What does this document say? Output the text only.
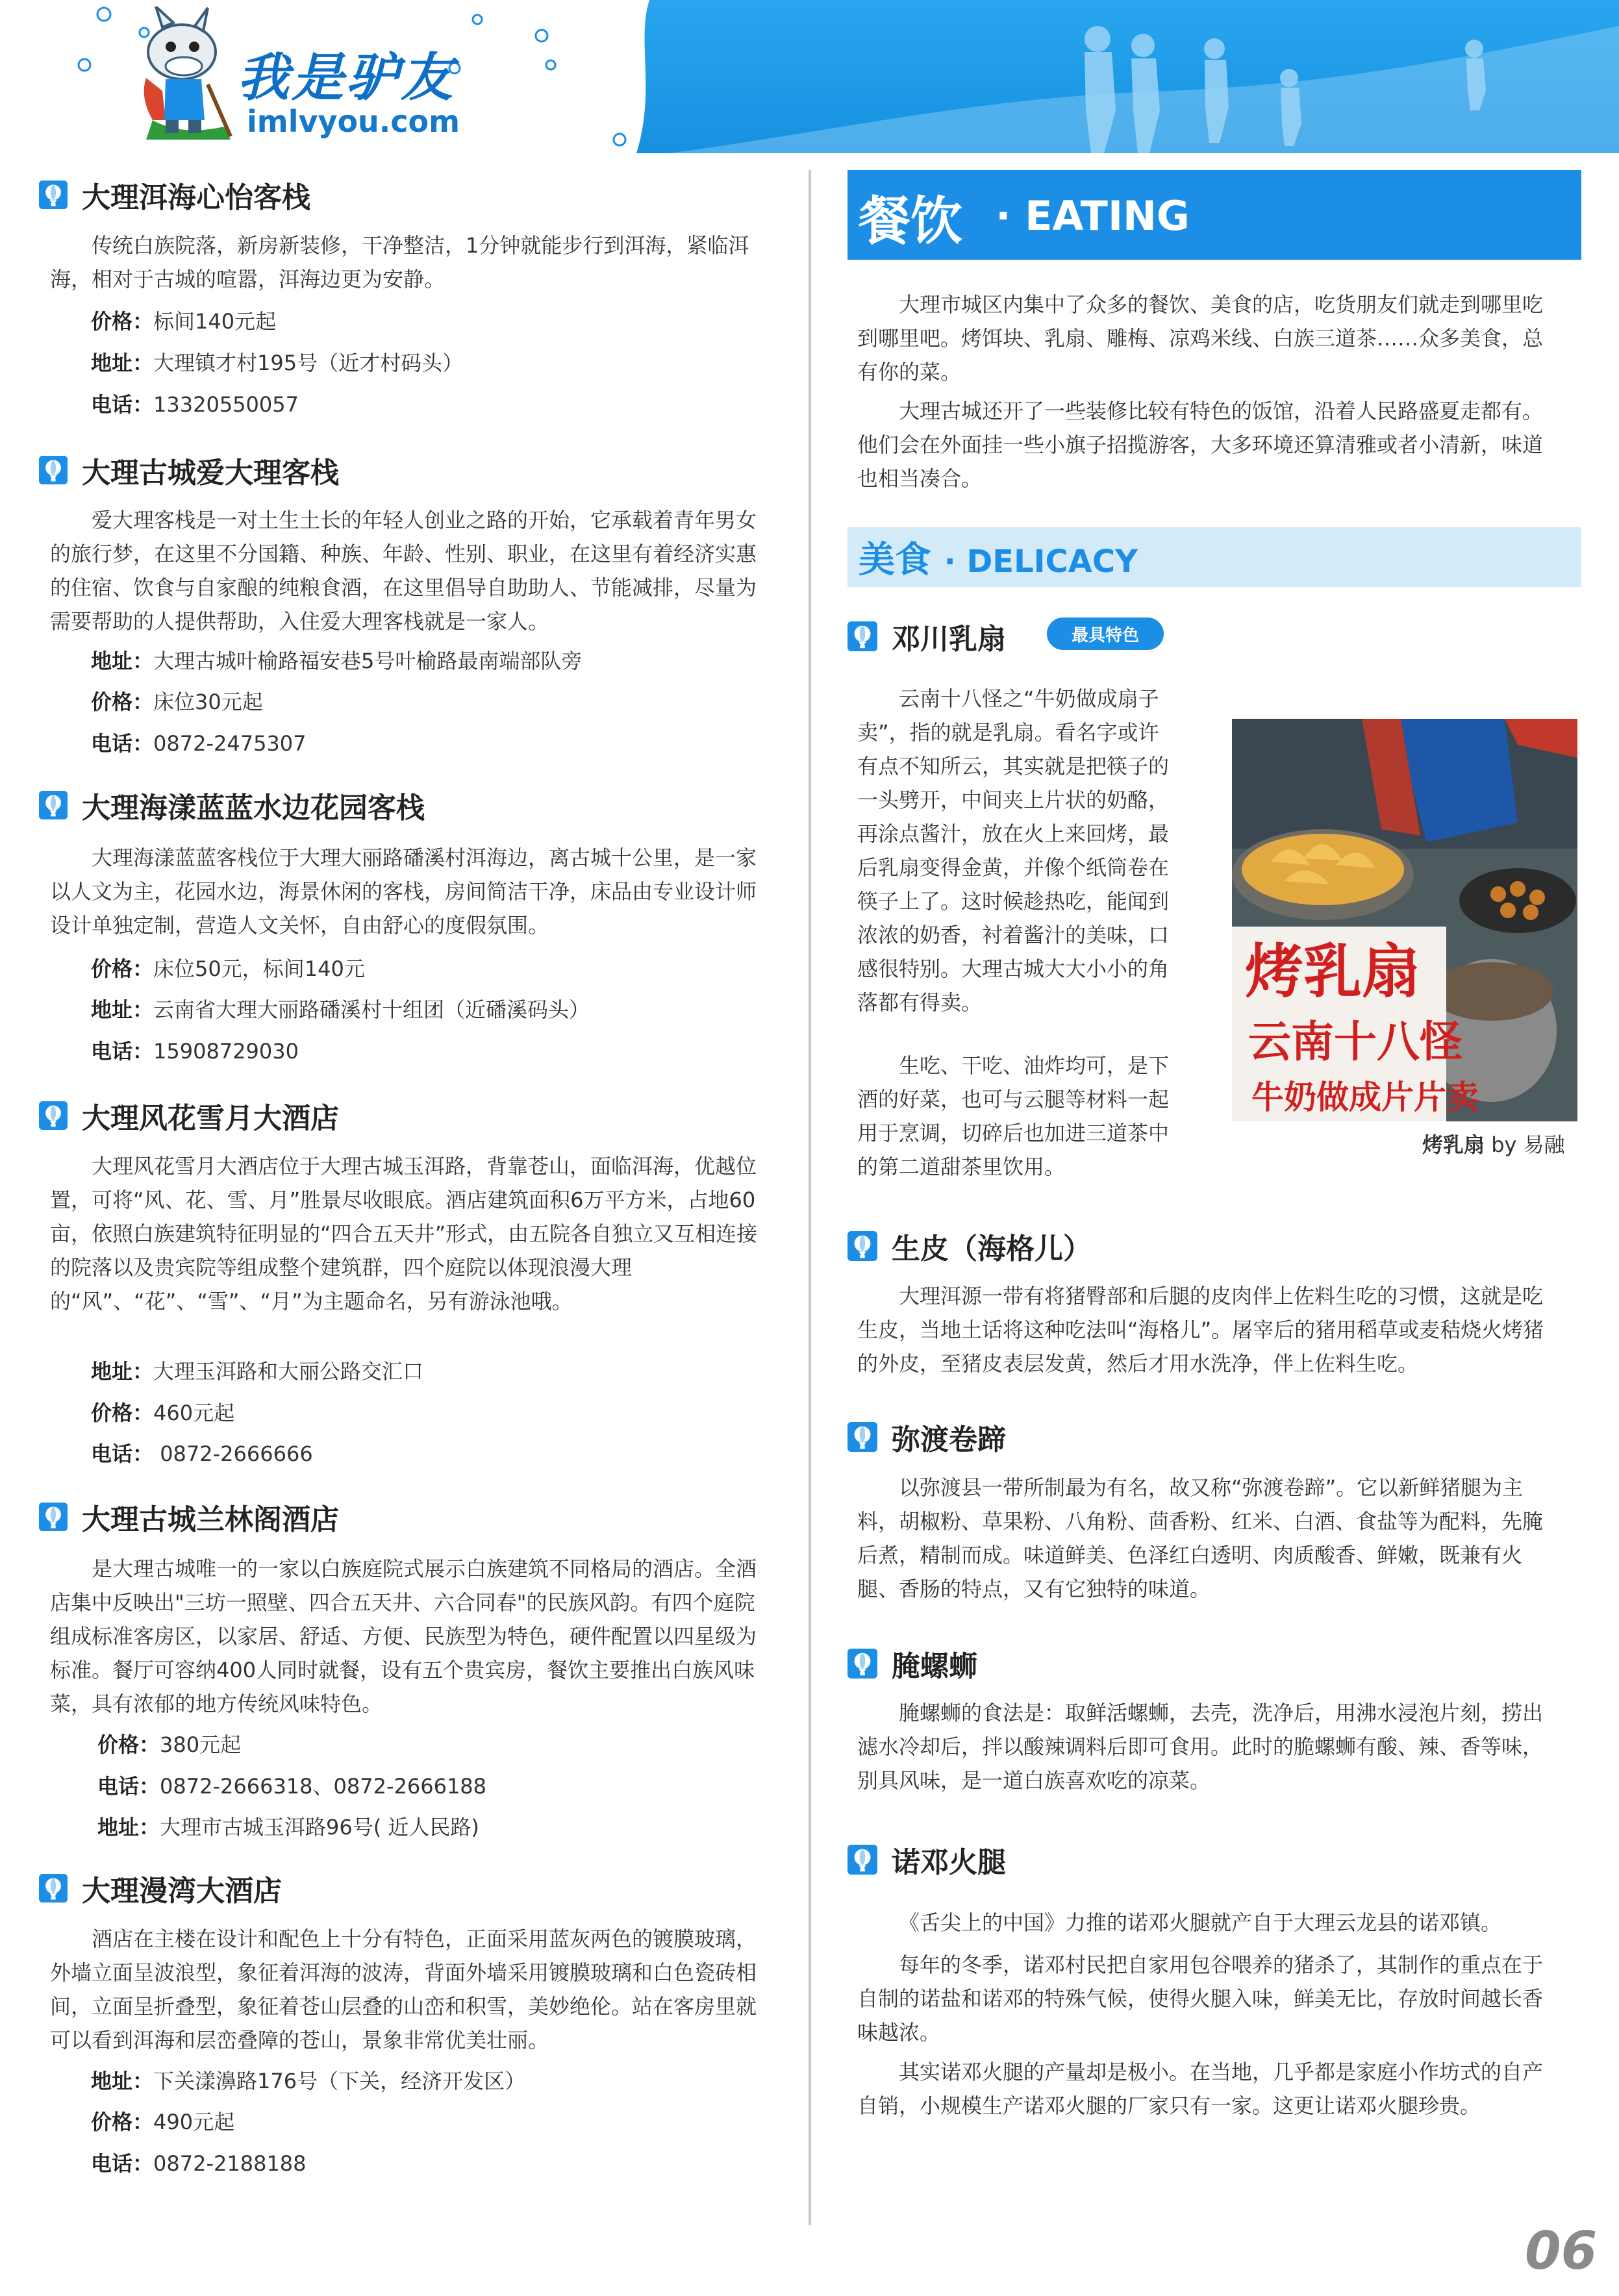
我是驴友
imlvyou.com
大理洱海心怡客栈

传统白族院落，新房新装修，干净整洁，1分钟就能步行到洱海，紧临洱海，相对于古城的喧嚣，洱海边更为安静。

价格：标间140元起
地址：大理镇才村195号（近才村码头）
电话：13320550057
大理古城爱大理客栈

爱大理客栈是一对土生土长的年轻人创业之路的开始，它承载着青年男女的旅行梦，在这里不分国籍、种族、年龄、性别、职业，在这里有着经济实惠的住宿、饮食与自家酿的纯粮食酒，在这里倡导自助助人、节能减排，尽量为需要帮助的人提供帮助，入住爱大理客栈就是一家人。

地址：大理古城叶榆路福安巷5号叶榆路最南端部队旁
价格：床位30元起
电话：0872-2475307
大理海漾蓝蓝水边花园客栈

大理海漾蓝蓝客栈位于大理大丽路磻溪村洱海边，离古城十公里，是一家以人文为主，花园水边，海景休闲的客栈，房间简洁干净，床品由专业设计师设计单独定制，营造人文关怀，自由舒心的度假氛围。

价格：床位50元，标间140元
地址：云南省大理大丽路磻溪村十组团（近磻溪码头）
电话：15908729030
大理风花雪月大酒店

大理风花雪月大酒店位于大理古城玉洱路，背靠苍山，面临洱海，优越位置，可将“风、花、雪、月”胜景尽收眼底。酒店建筑面积6万平方米，占地60亩，依照白族建筑特征明显的“四合五天井”形式，由五院各自独立又互相连接的院落以及贵宾院等组成整个建筑群，四个庭院以体现浪漫大理的“风”、“花”、“雪”、“月”为主题命名，另有游泳池哦。

地址：大理玉洱路和大丽公路交汇口
价格：460元起
电话： 0872-2666666
大理古城兰林阁酒店

是大理古城唯一的一家以白族庭院式展示白族建筑不同格局的酒店。全酒店集中反映出"三坊一照壁、四合五天井、六合同春"的民族风韵。有四个庭院组成标准客房区，以家居、舒适、方便、民族型为特色，硬件配置以四星级为标准。餐厅可容纳400人同时就餐，设有五个贵宾房，餐饮主要推出白族风味菜，具有浓郁的地方传统风味特色。

价格：380元起
电话：0872-2666318、0872-2666188
地址：大理市古城玉洱路96号( 近人民路)
大理漫湾大酒店

酒店在主楼在设计和配色上十分有特色，正面采用蓝灰两色的镀膜玻璃，外墙立面呈波浪型，象征着洱海的波涛，背面外墙采用镀膜玻璃和白色瓷砖相间，立面呈折叠型，象征着苍山层叠的山峦和积雪，美妙绝伦。站在客房里就可以看到洱海和层峦叠障的苍山，景象非常优美壮丽。

地址：下关漾濞路176号（下关，经济开发区）
价格：490元起
电话：0872-2188188
餐饮 · EATING

大理市城区内集中了众多的餐饮、美食的店，吃货朋友们就走到哪里吃到哪里吧。烤饵块、乳扇、雕梅、凉鸡米线、白族三道茶……众多美食，总有你的菜。

大理古城还开了一些装修比较有特色的饭馆，沿着人民路盛夏走都有。他们会在外面挂一些小旗子招揽游客，大多环境还算清雅或者小清新，味道也相当凑合。

美食 · DELICACY
邓川乳扇	最具特色

云南十八怪之“牛奶做成扇子卖”，指的就是乳扇。看名字或许有点不知所云，其实就是把筷子的一头劈开，中间夹上片状的奶酪，再涂点酱汁，放在火上来回烤，最后乳扇变得金黄，并像个纸筒卷在筷子上了。这时候趁热吃，能闻到浓浓的奶香，衬着酱汁的美味，口感很特别。大理古城大大小小的角落都有得卖。

生吃、干吃、油炸均可，是下酒的好菜，也可与云腿等材料一起用于烹调，切碎后也加进三道茶中的第二道甜茶里饮用。

烤乳扇
云南十八怪
牛奶做成片片卖
烤乳扇 by 易融
生皮（海格儿）

大理洱源一带有将猪臀部和后腿的皮肉伴上佐料生吃的习惯，这就是吃生皮，当地土话将这种吃法叫“海格儿”。屠宰后的猪用稻草或麦秸烧火烤猪的外皮，至猪皮表层发黄，然后才用水洗净，伴上佐料生吃。

弥渡卷蹄

以弥渡县一带所制最为有名，故又称“弥渡卷蹄”。它以新鲜猪腿为主料，胡椒粉、草果粉、八角粉、茴香粉、红米、白酒、食盐等为配料，先腌后煮，精制而成。味道鲜美、色泽红白透明、肉质酸香、鲜嫩，既兼有火腿、香肠的特点，又有它独特的味道。

腌螺蛳

腌螺蛳的食法是：取鲜活螺蛳，去壳，洗净后，用沸水浸泡片刻，捞出滤水冷却后，拌以酸辣调料后即可食用。此时的脆螺蛳有酸、辣、香等味，别具风味，是一道白族喜欢吃的凉菜。

诺邓火腿

《舌尖上的中国》力推的诺邓火腿就产自于大理云龙县的诺邓镇。

每年的冬季，诺邓村民把自家用包谷喂养的猪杀了，其制作的重点在于自制的诺盐和诺邓的特殊气候，使得火腿入味，鲜美无比，存放时间越长香味越浓。

其实诺邓火腿的产量却是极小。在当地，几乎都是家庭小作坊式的自产自销，小规模生产诺邓火腿的厂家只有一家。这更让诺邓火腿珍贵。

06
